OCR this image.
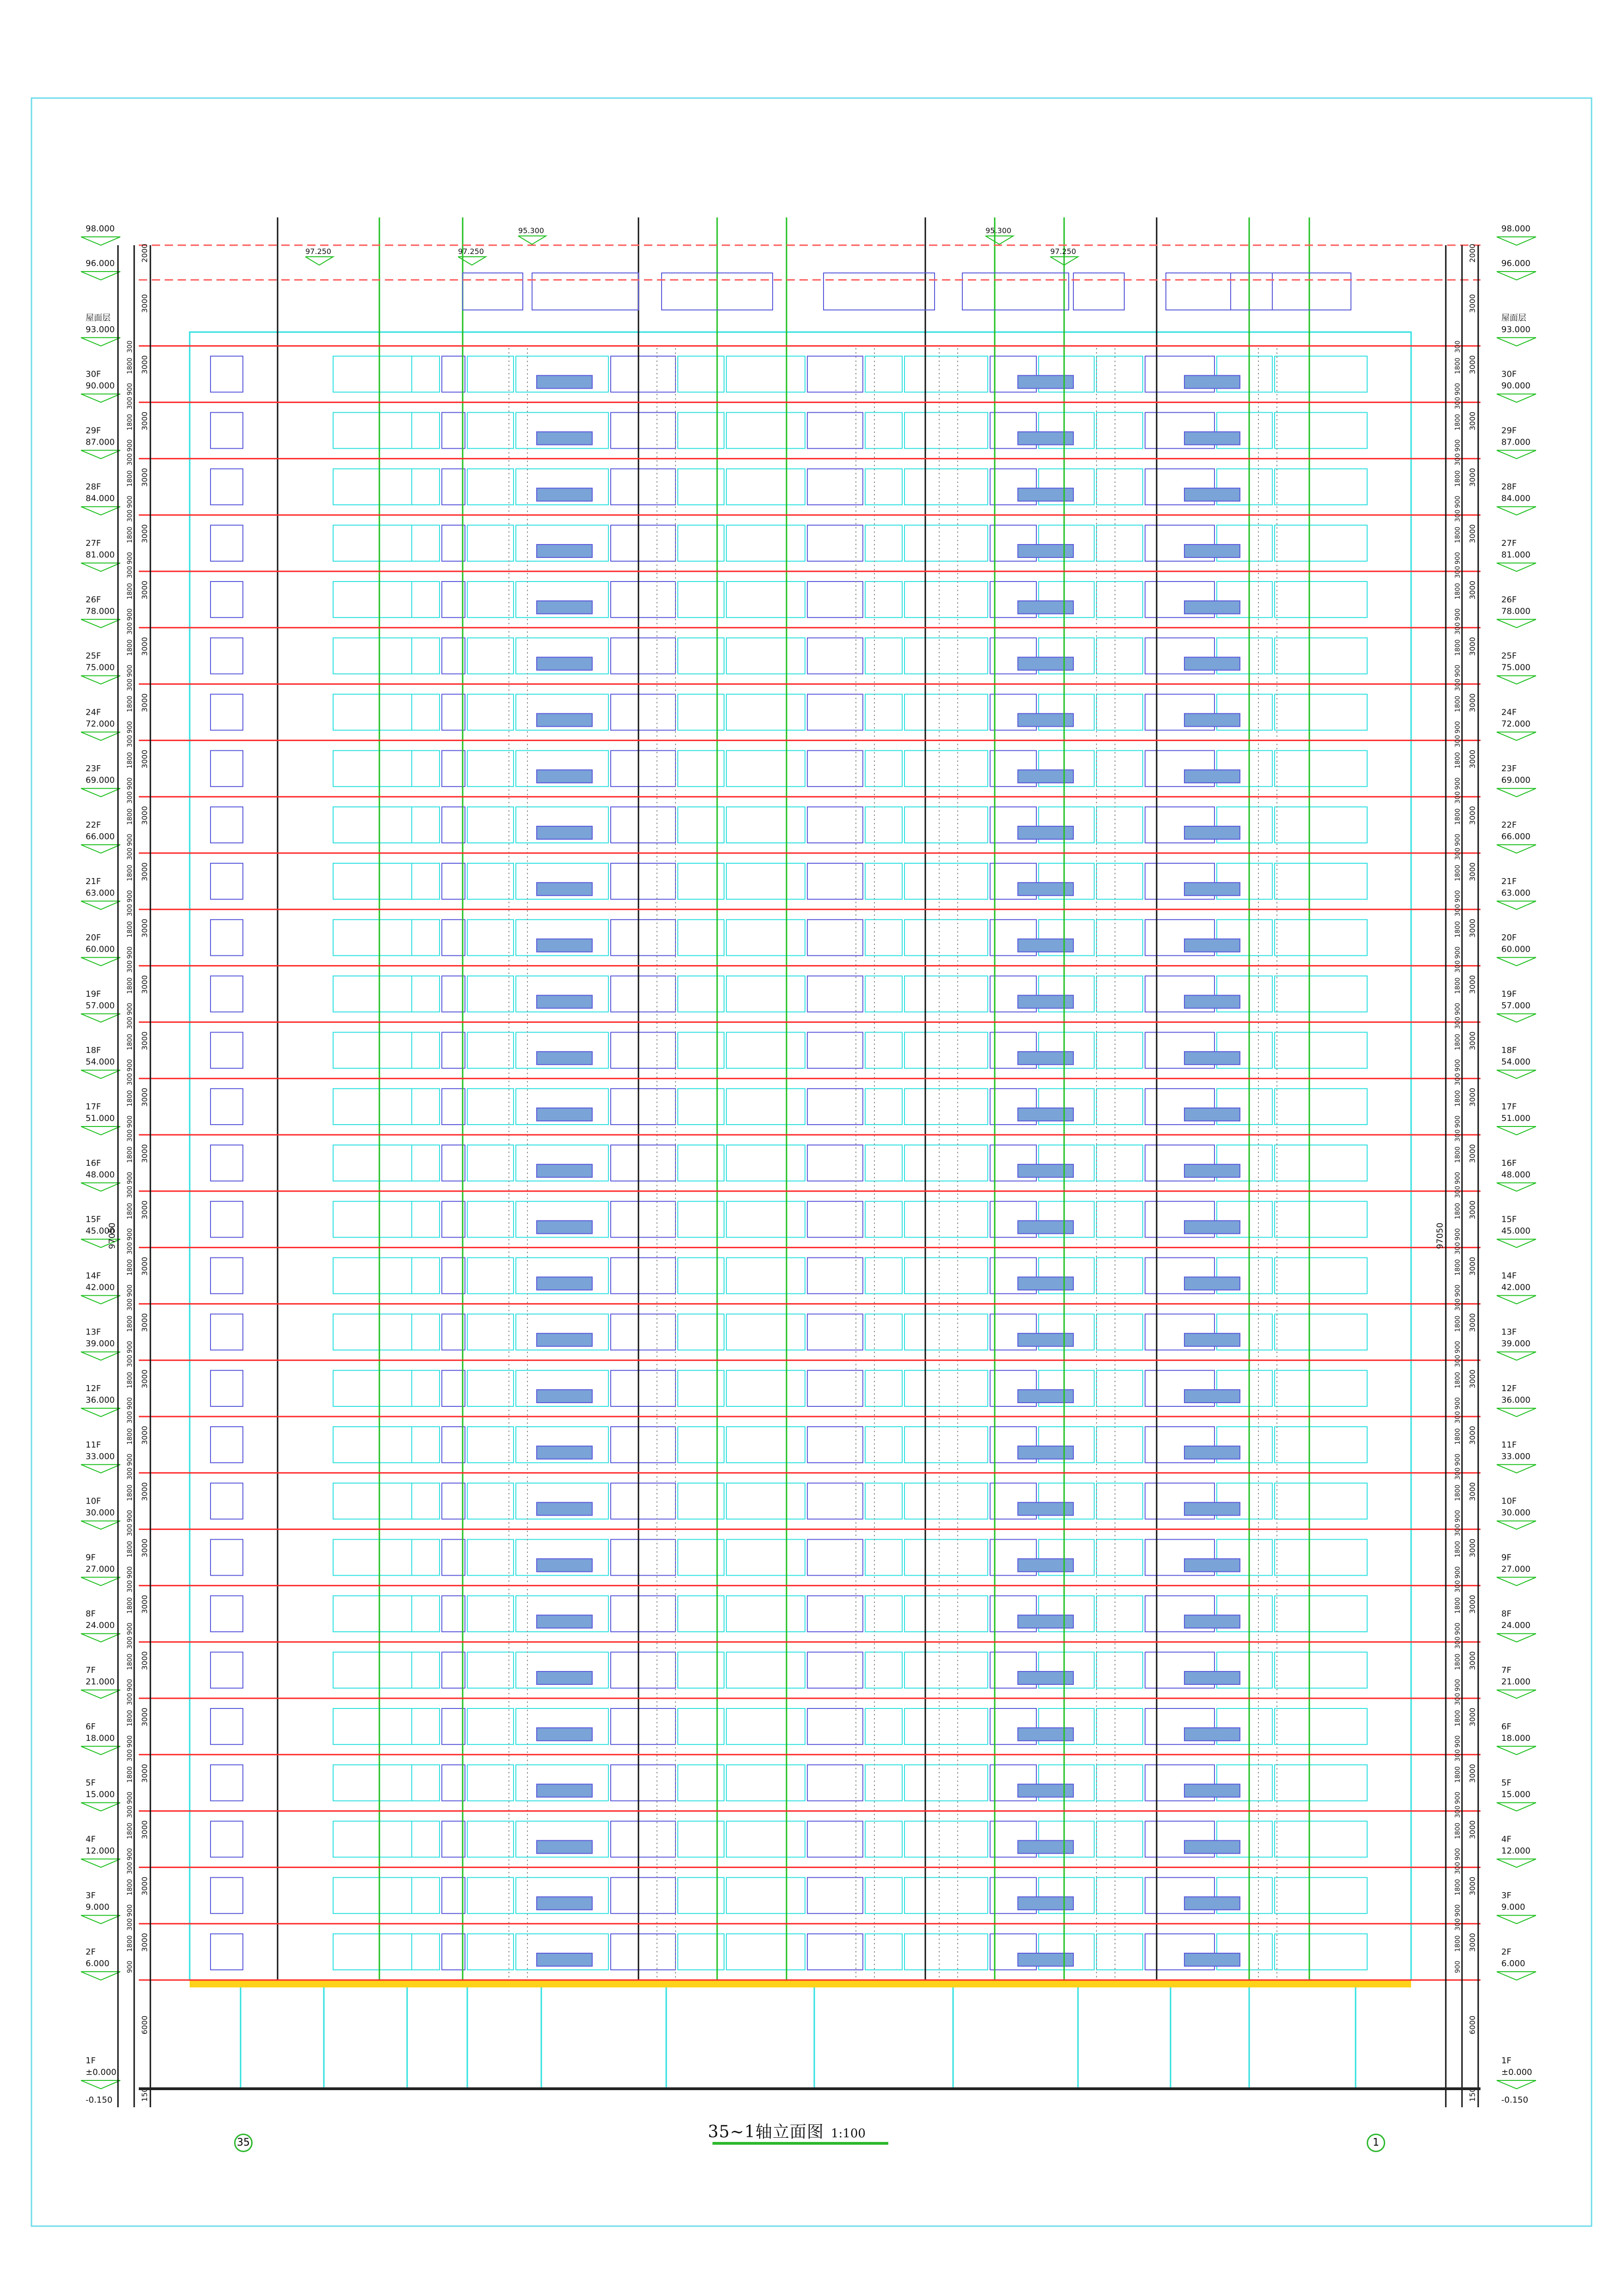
1F
±0.000
2F
6.000
3F
9.000
4F
12.000
5F
15.000
6F
18.000
7F
21.000
8F
24.000
9F
27.000
10F
30.000
11F
33.000
12F
36.000
13F
39.000
14F
42.000
15F
45.000
16F
48.000
17F
51.000
18F
54.000
19F
57.000
20F
60.000
21F
63.000
22F
66.000
23F
69.000
24F
72.000
25F
75.000
26F
78.000
27F
81.000
28F
84.000
29F
87.000
30F
90.000
屋面层
93.000
96.000
98.000
-0.150
97050
3000
900
1800
300
3000
900
1800
300
3000
900
1800
300
3000
900
1800
300
3000
900
1800
300
3000
900
1800
300
3000
900
1800
300
3000
900
1800
300
3000
900
1800
300
3000
900
1800
300
3000
900
1800
300
3000
900
1800
300
3000
900
1800
300
3000
900
1800
300
3000
900
1800
300
3000
900
1800
300
3000
900
1800
300
3000
900
1800
300
3000
900
1800
300
3000
900
1800
300
3000
900
1800
300
3000
900
1800
300
3000
900
1800
300
3000
900
1800
300
3000
900
1800
300
3000
900
1800
300
3000
900
1800
300
3000
900
1800
300
3000
900
1800
300
6000
3000
2000
150
1F
±0.000
2F
6.000
3F
9.000
4F
12.000
5F
15.000
6F
18.000
7F
21.000
8F
24.000
9F
27.000
10F
30.000
11F
33.000
12F
36.000
13F
39.000
14F
42.000
15F
45.000
16F
48.000
17F
51.000
18F
54.000
19F
57.000
20F
60.000
21F
63.000
22F
66.000
23F
69.000
24F
72.000
25F
75.000
26F
78.000
27F
81.000
28F
84.000
29F
87.000
30F
90.000
屋面层
93.000
96.000
98.000
-0.150
97050
3000
900
1800
300
3000
900
1800
300
3000
900
1800
300
3000
900
1800
300
3000
900
1800
300
3000
900
1800
300
3000
900
1800
300
3000
900
1800
300
3000
900
1800
300
3000
900
1800
300
3000
900
1800
300
3000
900
1800
300
3000
900
1800
300
3000
900
1800
300
3000
900
1800
300
3000
900
1800
300
3000
900
1800
300
3000
900
1800
300
3000
900
1800
300
3000
900
1800
300
3000
900
1800
300
3000
900
1800
300
3000
900
1800
300
3000
900
1800
300
3000
900
1800
300
3000
900
1800
300
3000
900
1800
300
3000
900
1800
300
3000
900
1800
300
6000
3000
2000
150
97.250	97.250
95.300	95.300
97.250
35	1
35~1轴立面图 1:100
